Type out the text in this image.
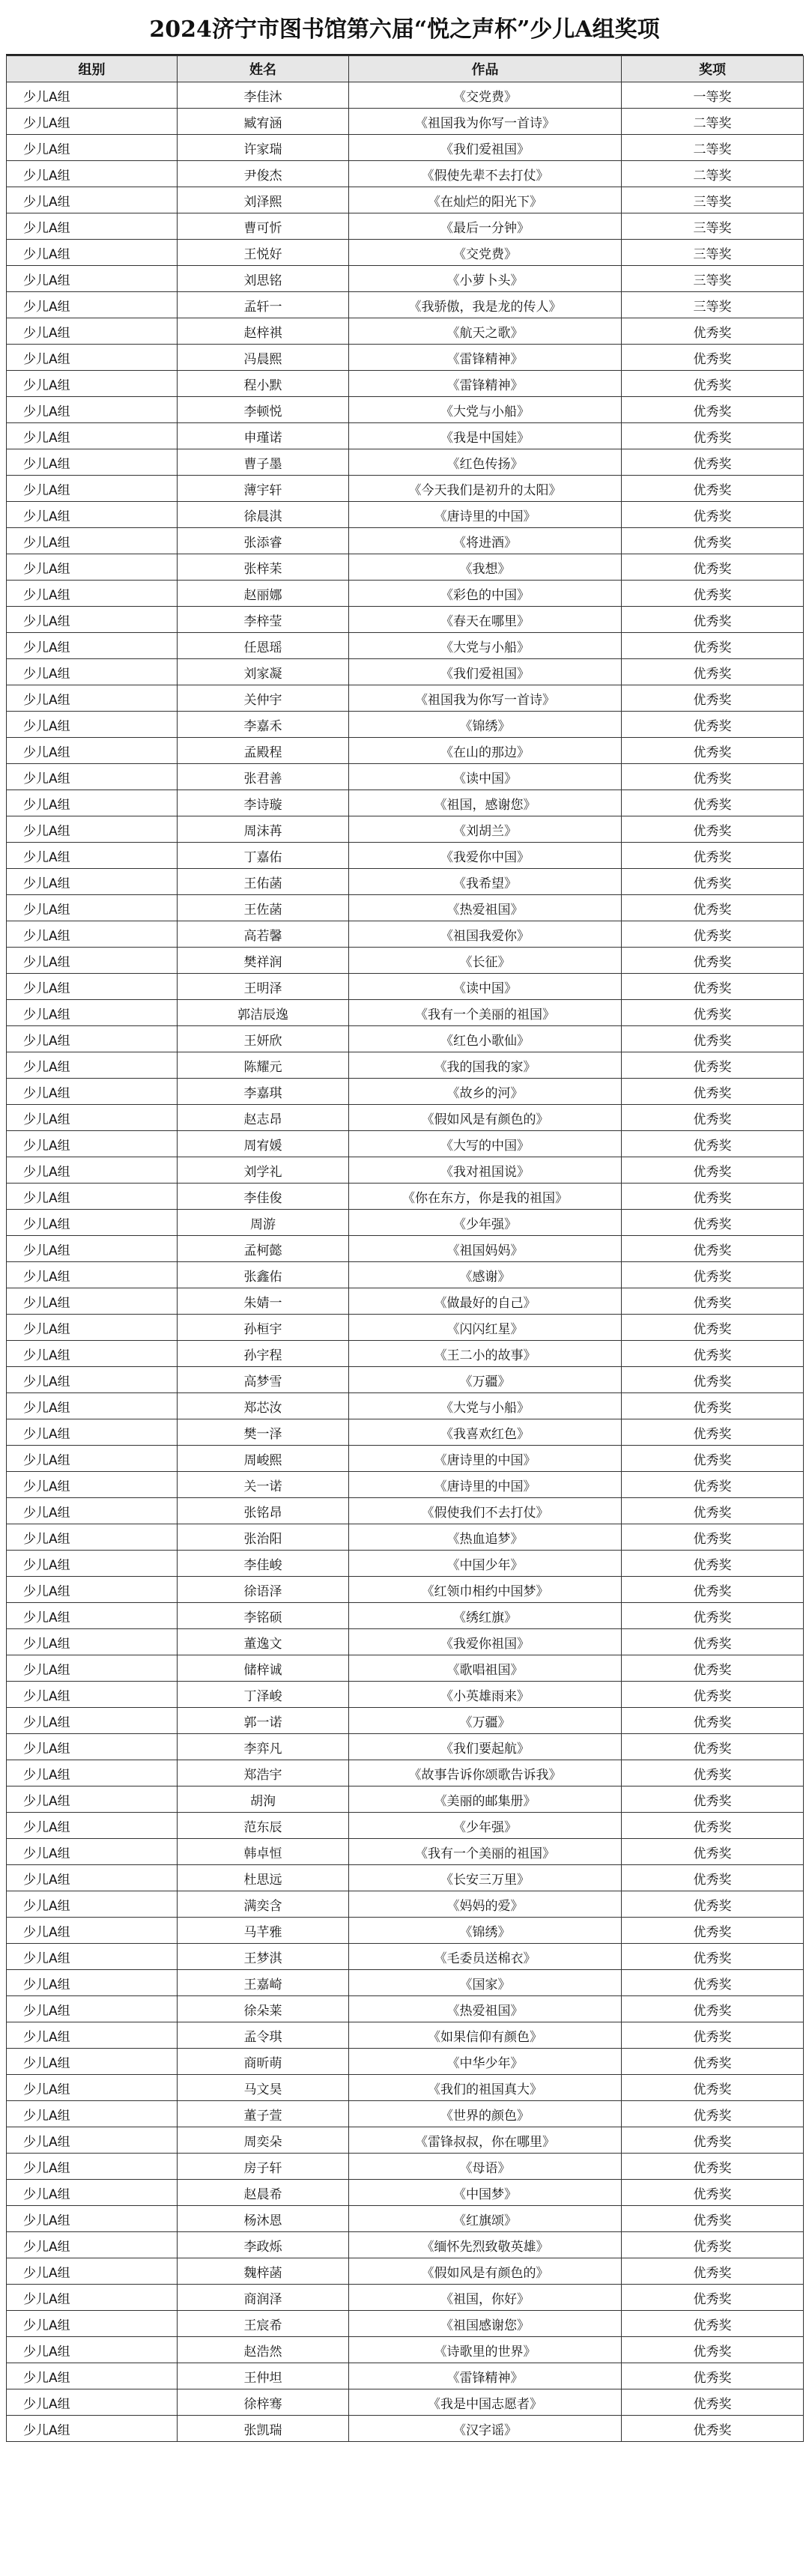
2024济宁市图书馆第六届“悦之声杯”少儿A组奖项
组别	姓名	作品	奖项
少儿A组	李佳沐	《交党费》	一等奖
少儿A组	臧宥涵	《祖国我为你写一首诗》	二等奖
少儿A组	许家瑞	《我们爱祖国》	二等奖
少儿A组	尹俊杰	《假使先辈不去打仗》	二等奖
少儿A组	刘泽熙	《在灿烂的阳光下》	三等奖
少儿A组	曹可忻	《最后一分钟》	三等奖
少儿A组	王悦好	《交党费》	三等奖
少儿A组	刘思铭	《小萝卜头》	三等奖
少儿A组	孟轩一	《我骄傲，我是龙的传人》	三等奖
少儿A组	赵梓祺	《航天之歌》	优秀奖
少儿A组	冯晨熙	《雷锋精神》	优秀奖
少儿A组	程小默	《雷锋精神》	优秀奖
少儿A组	李顿悦	《大党与小船》	优秀奖
少儿A组	申瑾诺	《我是中国娃》	优秀奖
少儿A组	曹子墨	《红色传扬》	优秀奖
少儿A组	薄宇轩	《今天我们是初升的太阳》	优秀奖
少儿A组	徐晨淇	《唐诗里的中国》	优秀奖
少儿A组	张添睿	《将进酒》	优秀奖
少儿A组	张梓苿	《我想》	优秀奖
少儿A组	赵丽娜	《彩色的中国》	优秀奖
少儿A组	李梓莹	《春天在哪里》	优秀奖
少儿A组	任恩瑶	《大党与小船》	优秀奖
少儿A组	刘家凝	《我们爱祖国》	优秀奖
少儿A组	关仲宇	《祖国我为你写一首诗》	优秀奖
少儿A组	李嘉禾	《锦绣》	优秀奖
少儿A组	孟殿程	《在山的那边》	优秀奖
少儿A组	张君善	《读中国》	优秀奖
少儿A组	李诗璇	《祖国，感谢您》	优秀奖
少儿A组	周沫苒	《刘胡兰》	优秀奖
少儿A组	丁嘉佑	《我爱你中国》	优秀奖
少儿A组	王佑菡	《我希望》	优秀奖
少儿A组	王佐菡	《热爱祖国》	优秀奖
少儿A组	高若馨	《祖国我爱你》	优秀奖
少儿A组	樊祥润	《长征》	优秀奖
少儿A组	王明泽	《读中国》	优秀奖
少儿A组	郭洁辰逸	《我有一个美丽的祖国》	优秀奖
少儿A组	王妍欣	《红色小歌仙》	优秀奖
少儿A组	陈耀元	《我的国我的家》	优秀奖
少儿A组	李嘉琪	《故乡的河》	优秀奖
少儿A组	赵志昂	《假如风是有颜色的》	优秀奖
少儿A组	周宥媛	《大写的中国》	优秀奖
少儿A组	刘学礼	《我对祖国说》	优秀奖
少儿A组	李佳俊	《你在东方，你是我的祖国》	优秀奖
少儿A组	周游	《少年强》	优秀奖
少儿A组	孟柯懿	《祖国妈妈》	优秀奖
少儿A组	张鑫佑	《感谢》	优秀奖
少儿A组	朱婧一	《做最好的自己》	优秀奖
少儿A组	孙桓宇	《闪闪红星》	优秀奖
少儿A组	孙宇程	《王二小的故事》	优秀奖
少儿A组	高梦雪	《万疆》	优秀奖
少儿A组	郑芯汝	《大党与小船》	优秀奖
少儿A组	樊一泽	《我喜欢红色》	优秀奖
少儿A组	周峻熙	《唐诗里的中国》	优秀奖
少儿A组	关一诺	《唐诗里的中国》	优秀奖
少儿A组	张铭昂	《假使我们不去打仗》	优秀奖
少儿A组	张治阳	《热血追梦》	优秀奖
少儿A组	李佳峻	《中国少年》	优秀奖
少儿A组	徐语泽	《红领巾相约中国梦》	优秀奖
少儿A组	李铭硕	《绣红旗》	优秀奖
少儿A组	董逸文	《我爱你祖国》	优秀奖
少儿A组	储梓诚	《歌唱祖国》	优秀奖
少儿A组	丁泽峻	《小英雄雨来》	优秀奖
少儿A组	郭一诺	《万疆》	优秀奖
少儿A组	李弈凡	《我们要起航》	优秀奖
少儿A组	郑浩宇	《故事告诉你颂歌告诉我》	优秀奖
少儿A组	胡洵	《美丽的邮集册》	优秀奖
少儿A组	范东辰	《少年强》	优秀奖
少儿A组	韩卓恒	《我有一个美丽的祖国》	优秀奖
少儿A组	杜思远	《长安三万里》	优秀奖
少儿A组	满奕含	《妈妈的爱》	优秀奖
少儿A组	马芊雅	《锦绣》	优秀奖
少儿A组	王梦淇	《毛委员送棉衣》	优秀奖
少儿A组	王嘉崎	《国家》	优秀奖
少儿A组	徐朵莱	《热爱祖国》	优秀奖
少儿A组	孟令琪	《如果信仰有颜色》	优秀奖
少儿A组	商昕萌	《中华少年》	优秀奖
少儿A组	马文昊	《我们的祖国真大》	优秀奖
少儿A组	董子萱	《世界的颜色》	优秀奖
少儿A组	周奕朵	《雷锋叔叔，你在哪里》	优秀奖
少儿A组	房子轩	《母语》	优秀奖
少儿A组	赵晨希	《中国梦》	优秀奖
少儿A组	杨沐恩	《红旗颂》	优秀奖
少儿A组	李政烁	《缅怀先烈致敬英雄》	优秀奖
少儿A组	魏梓菡	《假如风是有颜色的》	优秀奖
少儿A组	商润泽	《祖国，你好》	优秀奖
少儿A组	王宸希	《祖国感谢您》	优秀奖
少儿A组	赵浩然	《诗歌里的世界》	优秀奖
少儿A组	王仲坦	《雷锋精神》	优秀奖
少儿A组	徐梓骞	《我是中国志愿者》	优秀奖
少儿A组	张凯瑞	《汉字谣》	优秀奖
